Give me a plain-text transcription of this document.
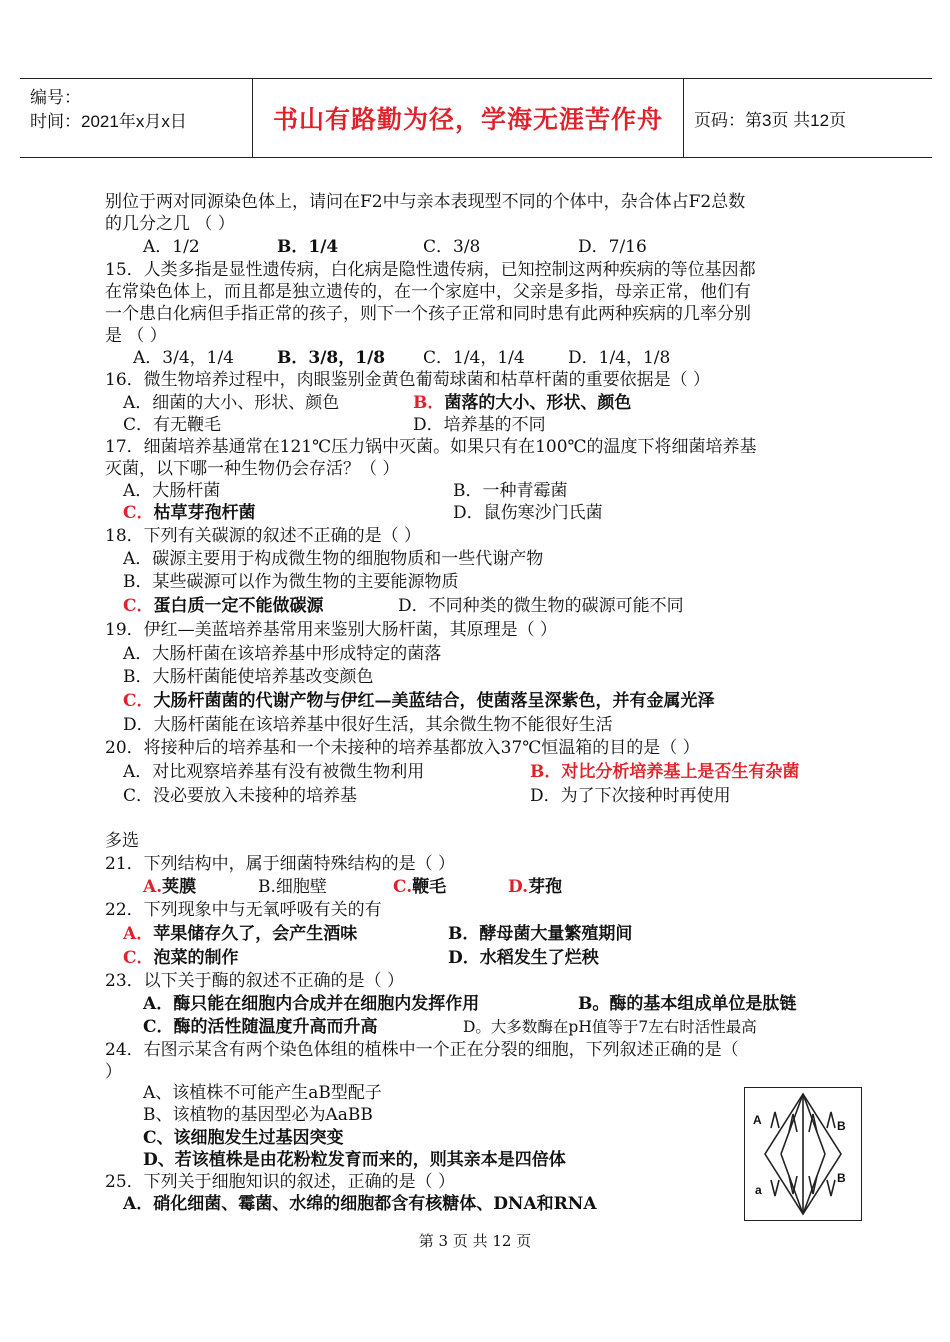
编号：
时间：2021年x月x日	书山有路勤为径，学海无涯苦作舟 页码：第3页 共12页
别位于两对同源染色体上，请问在F2中与亲本表现型不同的个体中，杂合体占F2总数
的几分之几 （ ）
A．1/2	B．1/4	C．3/8	D．7/16
15．人类多指是显性遗传病，白化病是隐性遗传病，已知控制这两种疾病的等位基因都
在常染色体上，而且都是独立遗传的，在一个家庭中，父亲是多指，母亲正常，他们有
一个患白化病但手指正常的孩子，则下一个孩子正常和同时患有此两种疾病的几率分别
是 （ ）
A．3/4，1/4	B．3/8，1/8 C．1/4，1/4	D．1/4，1/8
16．微生物培养过程中，肉眼鉴别金黄色葡萄球菌和枯草杆菌的重要依据是（ ）
A．细菌的大小、形状、颜色	B．菌落的大小、形状、颜色
C．有无鞭毛	D．培养基的不同
17．细菌培养基通常在121℃压力锅中灭菌。如果只有在100℃的温度下将细菌培养基
灭菌，以下哪一种生物仍会存活？（ ）
A．大肠杆菌	B．一种青霉菌
C．枯草芽孢杆菌	D．鼠伤寒沙门氏菌
18．下列有关碳源的叙述不正确的是（ ）
A．碳源主要用于构成微生物的细胞物质和一些代谢产物
B．某些碳源可以作为微生物的主要能源物质
C．蛋白质一定不能做碳源	D．不同种类的微生物的碳源可能不同
19．伊红—美蓝培养基常用来鉴别大肠杆菌，其原理是（ ）
A．大肠杆菌在该培养基中形成特定的菌落
B．大肠杆菌能使培养基改变颜色
C．大肠杆菌菌的代谢产物与伊红—美蓝结合，使菌落呈深紫色，并有金属光泽
D．大肠杆菌能在该培养基中很好生活，其余微生物不能很好生活
20．将接种后的培养基和一个未接种的培养基都放入37℃恒温箱的目的是（ ）
A．对比观察培养基有没有被微生物利用	B．对比分析培养基上是否生有杂菌
C．没必要放入未接种的培养基	D．为了下次接种时再使用
多选
21．下列结构中，属于细菌特殊结构的是（ ）
A.荚膜	B.细胞壁	C.鞭毛	D.芽孢
22．下列现象中与无氧呼吸有关的有
A．苹果储存久了，会产生酒味	B．酵母菌大量繁殖期间
C．泡菜的制作	D．水稻发生了烂秧
23．以下关于酶的叙述不正确的是（ ）
A．酶只能在细胞内合成并在细胞内发挥作用	B。酶的基本组成单位是肽链
C．酶的活性随温度升高而升高	D。大多数酶在pH值等于7左右时活性最高
24．右图示某含有两个染色体组的植株中一个正在分裂的细胞，下列叙述正确的是（
）
A、该植株不可能产生aB型配子
B、该植物的基因型必为AaBB
C、该细胞发生过基因突变
D、若该植株是由花粉粒发育而来的，则其亲本是四倍体
25．下列关于细胞知识的叙述，正确的是（ ）
A．硝化细菌、霉菌、水绵的细胞都含有核糖体、DNA和RNA
A	B
B
a
第 3 页 共 12 页
